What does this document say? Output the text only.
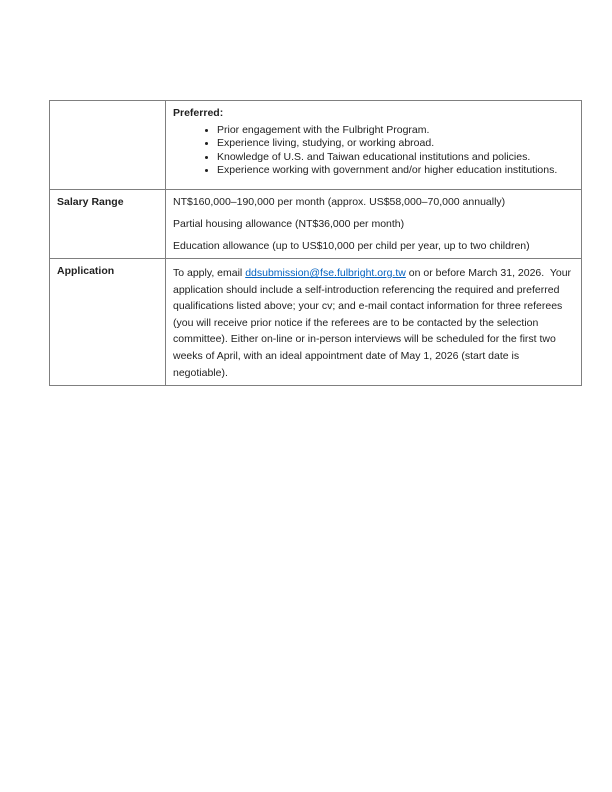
Preferred:

• Prior engagement with the Fulbright Program.
• Experience living, studying, or working abroad.
• Knowledge of U.S. and Taiwan educational institutions and policies.
• Experience working with government and/or higher education institutions.

Salary Range	NT$160,000–190,000 per month (approx. US$58,000–70,000 annually)

Partial housing allowance (NT$36,000 per month)

Education allowance (up to US$10,000 per child per year, up to two children)

Application	To apply, email ddsubmission@fse.fulbright.org.tw on or before March 31, 2026.  Your application should include a self-introduction referencing the required and preferred qualifications listed above; your cv; and e-mail contact information for three referees (you will receive prior notice if the referees are to be contacted by the selection committee). Either on-line or in-person interviews will be scheduled for the first two weeks of April, with an ideal appointment date of May 1, 2026 (start date is negotiable).
